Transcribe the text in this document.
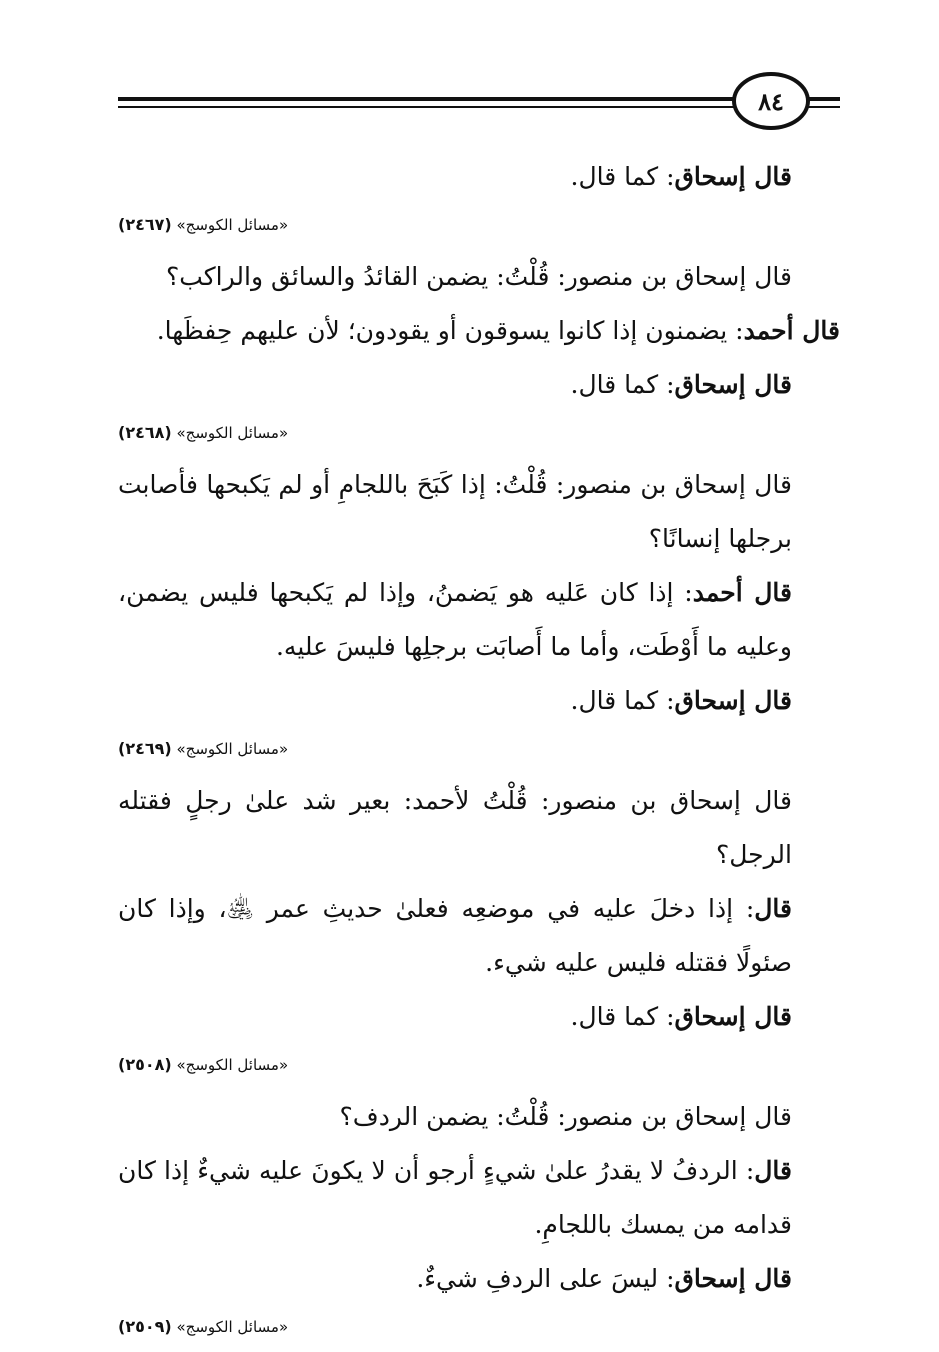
٨٤

قال إسحاق: كما قال.

«مسائل الكوسج» (٢٤٦٧)

قال إسحاق بن منصور: قُلْتُ: يضمن القائدُ والسائق والراكب؟

قال أحمد: يضمنون إذا كانوا يسوقون أو يقودون؛ لأن عليهم حِفظَها.

قال إسحاق: كما قال.

«مسائل الكوسج» (٢٤٦٨)

قال إسحاق بن منصور: قُلْتُ: إذا كَبَحَ باللجامِ أو لم يَكبحها فأصابت برجلها إنسانًا؟

قال أحمد: إذا كان عَليه هو يَضمنُ، وإذا لم يَكبحها فليس يضمن، وعليه ما أَوْطَت، وأما ما أَصابَت برجلِها فليسَ عليه.

قال إسحاق: كما قال.

«مسائل الكوسج» (٢٤٦٩)

قال إسحاق بن منصور: قُلْتُ لأحمد: بعير شد علىٰ رجلٍ فقتله الرجل؟

قال: إذا دخلَ عليه في موضعِه فعلىٰ حديثِ عمر ﵁، وإذا كان صئولًا فقتله فليس عليه شيء.

قال إسحاق: كما قال.

«مسائل الكوسج» (٢٥٠٨)

قال إسحاق بن منصور: قُلْتُ: يضمن الردف؟

قال: الردفُ لا يقدرُ علىٰ شيءٍ أرجو أن لا يكونَ عليه شيءٌ إذا كان قدامه من يمسك باللجامِ.

قال إسحاق: ليسَ على الردفِ شيءٌ.

«مسائل الكوسج» (٢٥٠٩)
